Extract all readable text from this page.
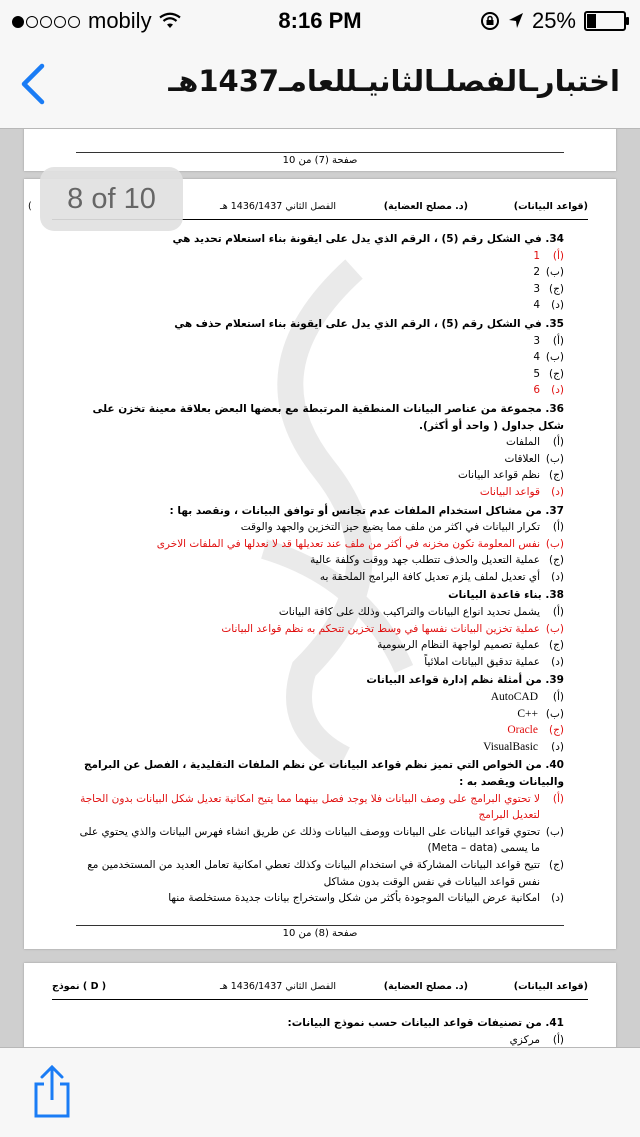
mobily	8:16 PM	25%
اختبارـالفصلـالثانيـللعامـ1437هـ
صفحة (7) من 10
(قواعد البيانات)
(د. مصلح العضاية)
الفصل الثاني 1436/1437 هـ
(
34. في الشكل رقم (5) ، الرقم الذي يدل على ايقونة بناء استعلام تحديد هي
(أ)
1
(ب)
2
(ج)
3
(د)
4
35. في الشكل رقم (5) ، الرقم الذي يدل على ايقونة بناء استعلام حذف هي
(أ)
3
(ب)
4
(ج)
5
(د)
6
36. مجموعة من عناصر البيانات المنطقية المرتبطة مع بعضها البعض بعلاقة معينة تخزن على شكل جداول ( واحد أو أكثر).
(أ)
الملفات
(ب)
العلاقات
(ج)
نظم قواعد البيانات
(د)
قواعد البيانات
37. من مشاكل استخدام الملفات عدم تجانس أو توافق البيانات ، ونقصد بها :
(أ)
تكرار البيانات في اكثر من ملف مما يضيع حيز التخزين والجهد والوقت
(ب)
نفس المعلومة تكون مخزنه في أكثر من ملف عند تعديلها قد لا نعدلها في الملفات الاخرى
(ج)
عملية التعديل والحذف تتطلب جهد ووقت وكلفة عالية
(د)
أي تعديل لملف يلزم تعديل كافة البرامج الملحقة به
38. بناء قاعدة البيانات
(أ)
يشمل تحديد انواع البيانات والتراكيب وذلك على كافة البيانات
(ب)
عملية تخزين البيانات نفسها في وسط تخزين تتحكم به نظم قواعد البيانات
(ج)
عملية تصميم لواجهة النظام الرسومية
(د)
عملية تدقيق البيانات املائياً
39. من أمثلة نظم إدارة قواعد البيانات
(أ)
AutoCAD
(ب)
C++
(ج)
Oracle
(د)
VisualBasic
40. من الخواص التي تميز نظم قواعد البيانات عن نظم الملفات التقليدية ، الفصل عن البرامج والبيانات ويقصد به :
(أ)
لا تحتوي البرامج على وصف البيانات فلا يوجد فصل بينهما مما يتيح امكانية تعديل شكل البيانات بدون الحاجة لتعديل البرامج
(ب)
تحتوي قواعد البيانات على البيانات ووصف البيانات وذلك عن طريق انشاء فهرس البيانات والذي يحتوي على ما يسمى (Meta – data)
(ج)
تتيح قواعد البيانات المشاركة في استخدام البيانات وكذلك تعطي امكانية تعامل العديد من المستخدمين مع نفس قواعد البيانات في نفس الوقت بدون مشاكل
(د)
امكانية عرض البيانات الموجودة بأكثر من شكل واستخراج بيانات جديدة مستخلصة منها
صفحة (8) من 10
(قواعد البيانات)
(د. مصلح العضاية)
الفصل الثاني 1436/1437 هـ
نموذج ( D )
41. من تصنيفات قواعد البيانات حسب نموذج البيانات:
(أ)
مركزي
8 of 10
